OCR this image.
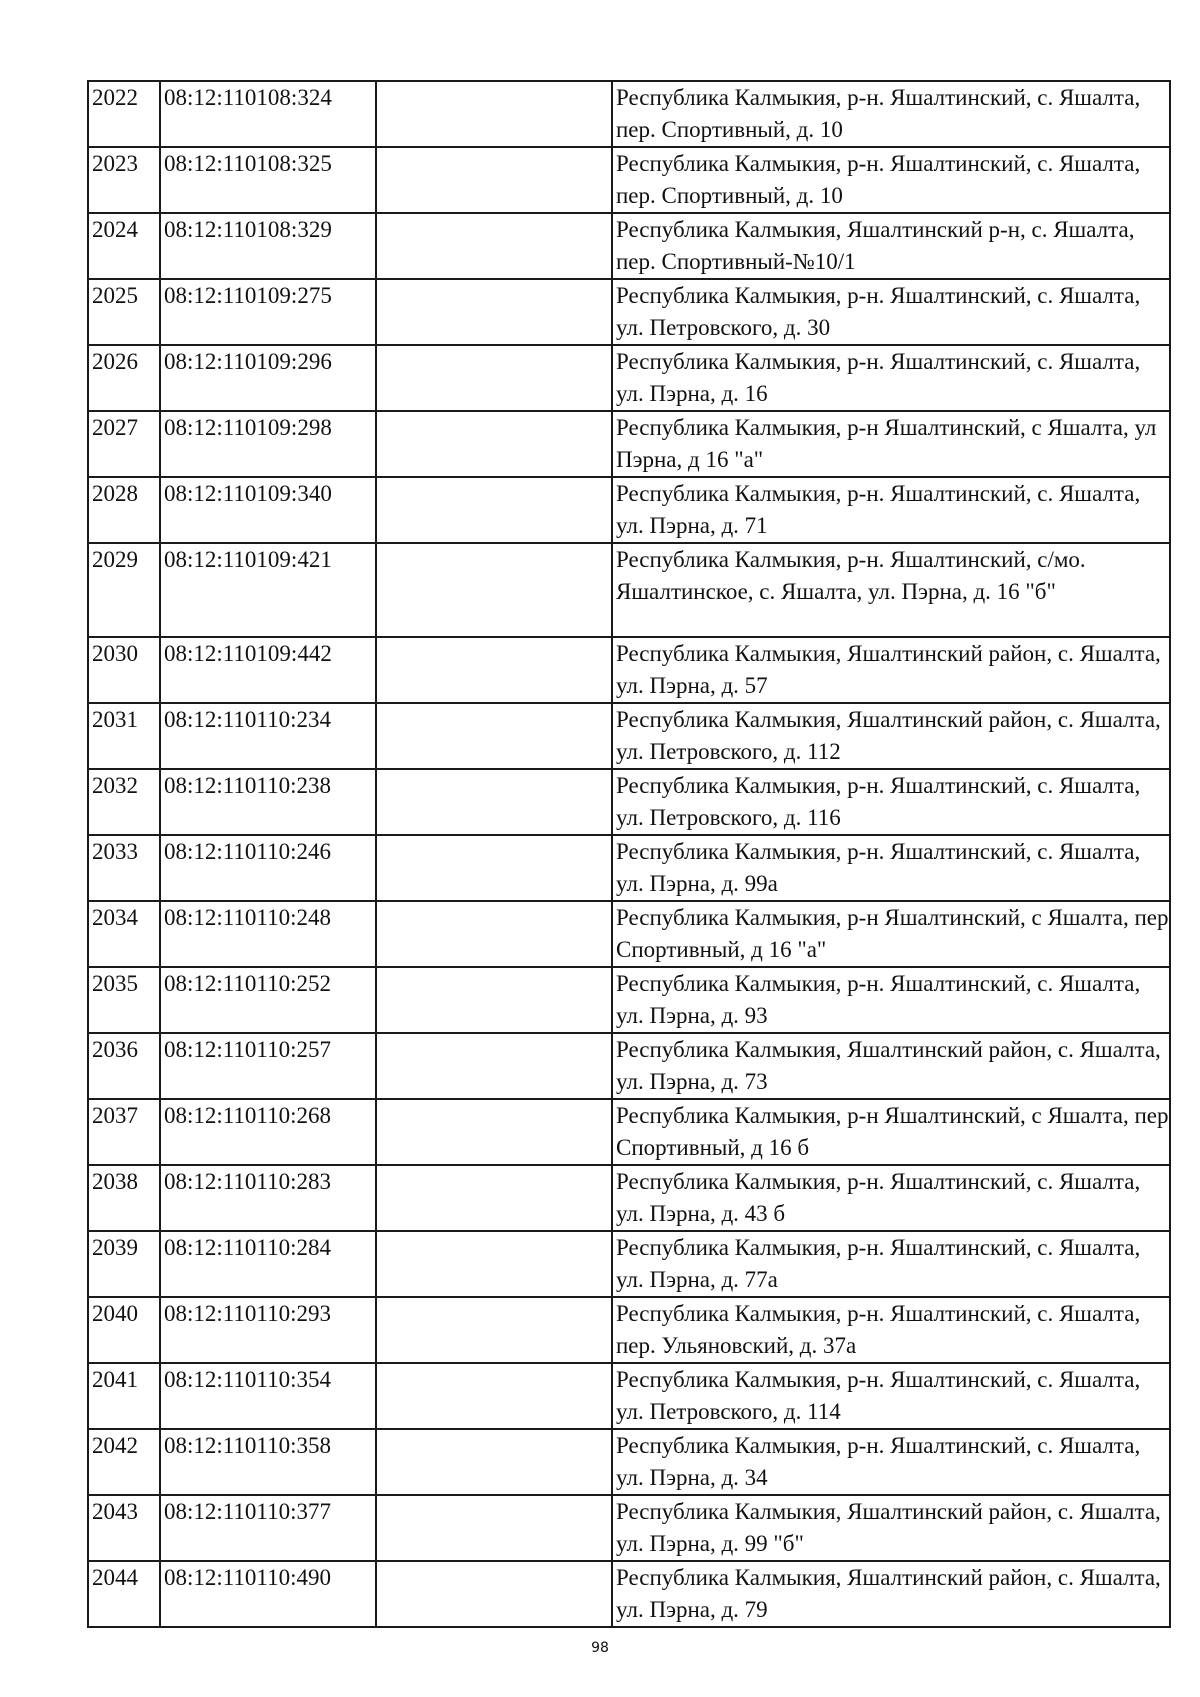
2022	08:12:110108:324		Республика Калмыкия, р-н. Яшалтинский, с. Яшалта, пер. Спортивный, д. 10
2023	08:12:110108:325		Республика Калмыкия, р-н. Яшалтинский, с. Яшалта, пер. Спортивный, д. 10
2024	08:12:110108:329		Республика Калмыкия, Яшалтинский р-н, с. Яшалта, пер. Спортивный-№10/1
2025	08:12:110109:275		Республика Калмыкия, р-н. Яшалтинский, с. Яшалта, ул. Петровского, д. 30
2026	08:12:110109:296		Республика Калмыкия, р-н. Яшалтинский, с. Яшалта, ул. Пэрна, д. 16
2027	08:12:110109:298		Республика Калмыкия, р-н Яшалтинский, с Яшалта, ул Пэрна, д 16 "а"
2028	08:12:110109:340		Республика Калмыкия, р-н. Яшалтинский, с. Яшалта, ул. Пэрна, д. 71
2029	08:12:110109:421		Республика Калмыкия, р-н. Яшалтинский, с/мо. Яшалтинское, с. Яшалта, ул. Пэрна, д. 16 "б"
2030	08:12:110109:442		Республика Калмыкия, Яшалтинский район, с. Яшалта, ул. Пэрна, д. 57
2031	08:12:110110:234		Республика Калмыкия, Яшалтинский район, с. Яшалта, ул. Петровского, д. 112
2032	08:12:110110:238		Республика Калмыкия, р-н. Яшалтинский, с. Яшалта, ул. Петровского, д. 116
2033	08:12:110110:246		Республика Калмыкия, р-н. Яшалтинский, с. Яшалта, ул. Пэрна, д. 99а
2034	08:12:110110:248		Республика Калмыкия, р-н Яшалтинский, с Яшалта, пер Спортивный, д 16 "а"
2035	08:12:110110:252		Республика Калмыкия, р-н. Яшалтинский, с. Яшалта, ул. Пэрна, д. 93
2036	08:12:110110:257		Республика Калмыкия, Яшалтинский район, с. Яшалта, ул. Пэрна, д. 73
2037	08:12:110110:268		Республика Калмыкия, р-н Яшалтинский, с Яшалта, пер Спортивный, д 16 б
2038	08:12:110110:283		Республика Калмыкия, р-н. Яшалтинский, с. Яшалта, ул. Пэрна, д. 43 б
2039	08:12:110110:284		Республика Калмыкия, р-н. Яшалтинский, с. Яшалта, ул. Пэрна, д. 77а
2040	08:12:110110:293		Республика Калмыкия, р-н. Яшалтинский, с. Яшалта, пер. Ульяновский, д. 37а
2041	08:12:110110:354		Республика Калмыкия, р-н. Яшалтинский, с. Яшалта, ул. Петровского, д. 114
2042	08:12:110110:358		Республика Калмыкия, р-н. Яшалтинский, с. Яшалта, ул. Пэрна, д. 34
2043	08:12:110110:377		Республика Калмыкия, Яшалтинский район, с. Яшалта, ул. Пэрна, д. 99 "б"
2044	08:12:110110:490		Республика Калмыкия, Яшалтинский район, с. Яшалта, ул. Пэрна, д. 79
98
